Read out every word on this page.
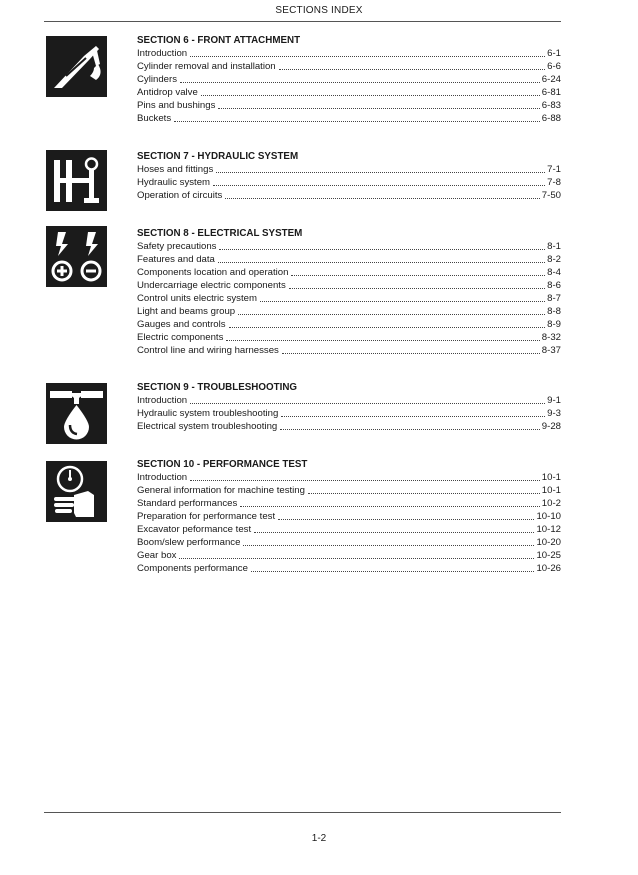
SECTIONS INDEX
SECTION 6 - FRONT ATTACHMENT
Introduction	6-1
Cylinder removal and installation	6-6
Cylinders	6-24
Antidrop valve	6-81
Pins and bushings	6-83
Buckets	6-88
SECTION 7 - HYDRAULIC SYSTEM
Hoses and fittings	7-1
Hydraulic system	7-8
Operation of circuits	7-50
SECTION 8 - ELECTRICAL SYSTEM
Safety precautions	8-1
Features and data	8-2
Components location and operation	8-4
Undercarriage electric components	8-6
Control units electric system	8-7
Light and beams group	8-8
Gauges and controls	8-9
Electric components	8-32
Control line and wiring harnesses	8-37
SECTION 9 - TROUBLESHOOTING
Introduction	9-1
Hydraulic system troubleshooting	9-3
Electrical system troubleshooting	9-28
SECTION 10 - PERFORMANCE TEST
Introduction	10-1
General information for machine testing	10-1
Standard performances	10-2
Preparation for performance test	10-10
Excavator peformance test	10-12
Boom/slew performance	10-20
Gear box	10-25
Components performance	10-26
1-2
